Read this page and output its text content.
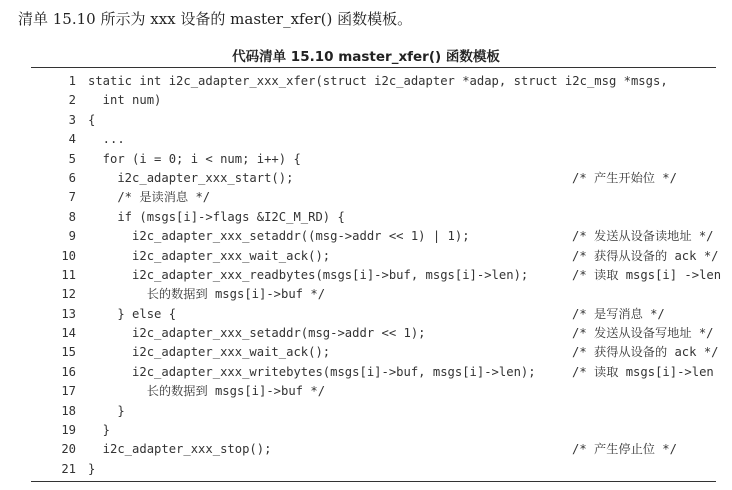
清单 15.10 所示为 xxx 设备的 master_xfer() 函数模板。
代码清单 15.10 master_xfer() 函数模板
1 static int i2c_adapter_xxx_xfer(struct i2c_adapter *adap, struct i2c_msg *msgs,
2 int num)
3 {
4 ...
5 for (i = 0; i < num; i++) {
6 i2c_adapter_xxx_start();	/* 产生开始位 */
7 /* 是读消息 */
8 if (msgs[i]->flags &I2C_M_RD) {
9 i2c_adapter_xxx_setaddr((msg->addr << 1) | 1);	/* 发送从设备读地址 */
10 i2c_adapter_xxx_wait_ack();	/* 获得从设备的 ack */
11 i2c_adapter_xxx_readbytes(msgs[i]->buf, msgs[i]->len);	/* 读取 msgs[i] ->len
12 长的数据到 msgs[i]->buf */
13 } else {	/* 是写消息 */
14 i2c_adapter_xxx_setaddr(msg->addr << 1);	/* 发送从设备写地址 */
15 i2c_adapter_xxx_wait_ack();	/* 获得从设备的 ack */
16 i2c_adapter_xxx_writebytes(msgs[i]->buf, msgs[i]->len);	/* 读取 msgs[i]->len
17 长的数据到 msgs[i]->buf */
18 }
19 }
20 i2c_adapter_xxx_stop();	/* 产生停止位 */
21 }
